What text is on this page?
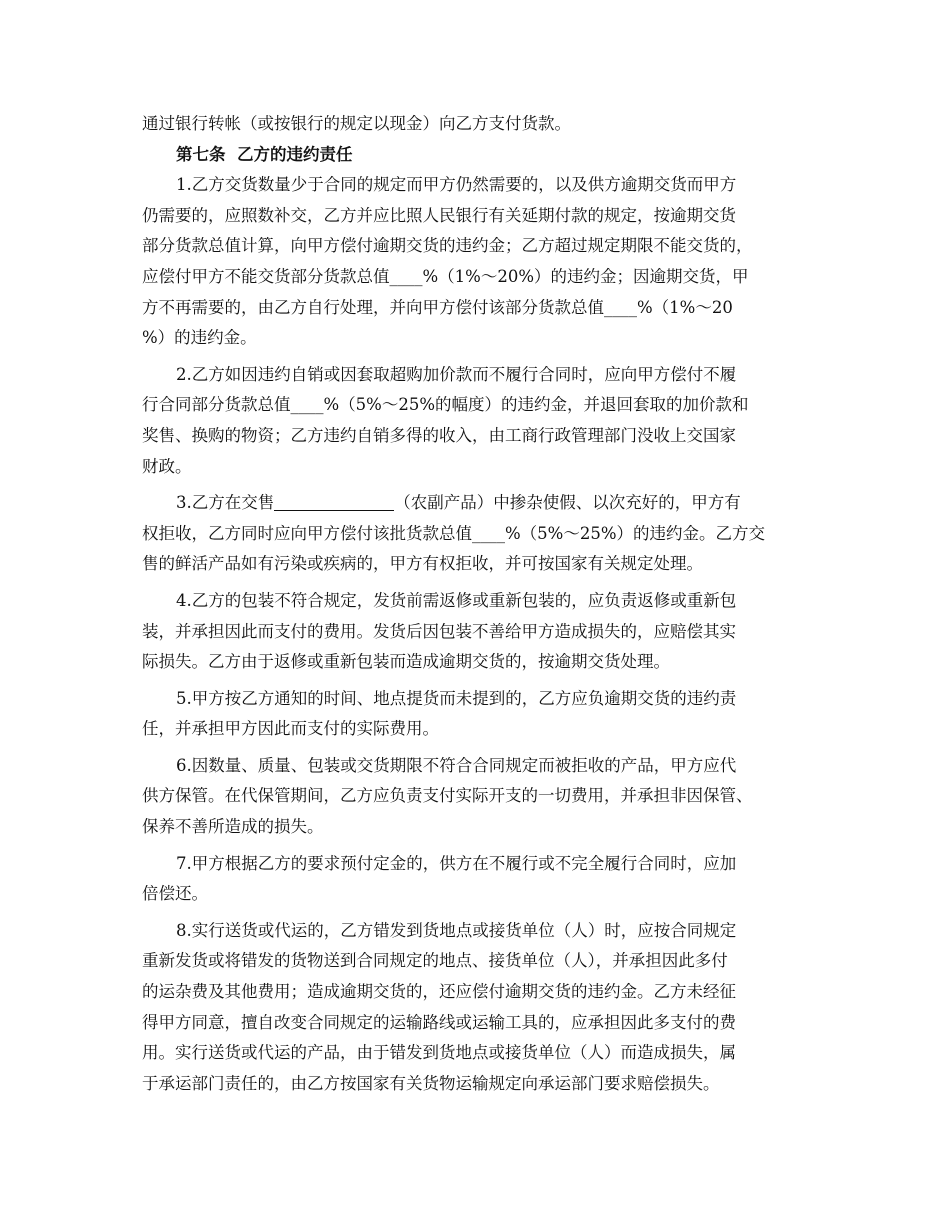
通过银行转帐（或按银行的规定以现金）向乙方支付货款。
第七条  乙方的违约责任
1.乙方交货数量少于合同的规定而甲方仍然需要的，以及供方逾期交货而甲方
仍需要的，应照数补交，乙方并应比照人民银行有关延期付款的规定，按逾期交货
部分货款总值计算，向甲方偿付逾期交货的违约金；乙方超过规定期限不能交货的，
应偿付甲方不能交货部分货款总值____%（1%～20%）的违约金；因逾期交货，甲
方不再需要的，由乙方自行处理，并向甲方偿付该部分货款总值____%（1%～20
%）的违约金。
2.乙方如因违约自销或因套取超购加价款而不履行合同时，应向甲方偿付不履
行合同部分货款总值____%（5%～25%的幅度）的违约金，并退回套取的加价款和
奖售、换购的物资；乙方违约自销多得的收入，由工商行政管理部门没收上交国家
财政。
3.乙方在交售	（农副产品）中掺杂使假、以次充好的，甲方有
权拒收，乙方同时应向甲方偿付该批货款总值____%（5%～25%）的违约金。乙方交
售的鲜活产品如有污染或疾病的，甲方有权拒收，并可按国家有关规定处理。
4.乙方的包装不符合规定，发货前需返修或重新包装的，应负责返修或重新包
装，并承担因此而支付的费用。发货后因包装不善给甲方造成损失的，应赔偿其实
际损失。乙方由于返修或重新包装而造成逾期交货的，按逾期交货处理。
5.甲方按乙方通知的时间、地点提货而未提到的，乙方应负逾期交货的违约责
任，并承担甲方因此而支付的实际费用。
6.因数量、质量、包装或交货期限不符合合同规定而被拒收的产品，甲方应代
供方保管。在代保管期间，乙方应负责支付实际开支的一切费用，并承担非因保管、
保养不善所造成的损失。
7.甲方根据乙方的要求预付定金的，供方在不履行或不完全履行合同时，应加
倍偿还。
8.实行送货或代运的，乙方错发到货地点或接货单位（人）时，应按合同规定
重新发货或将错发的货物送到合同规定的地点、接货单位（人），并承担因此多付
的运杂费及其他费用；造成逾期交货的，还应偿付逾期交货的违约金。乙方未经征
得甲方同意，擅自改变合同规定的运输路线或运输工具的，应承担因此多支付的费
用。实行送货或代运的产品，由于错发到货地点或接货单位（人）而造成损失，属
于承运部门责任的，由乙方按国家有关货物运输规定向承运部门要求赔偿损失。
